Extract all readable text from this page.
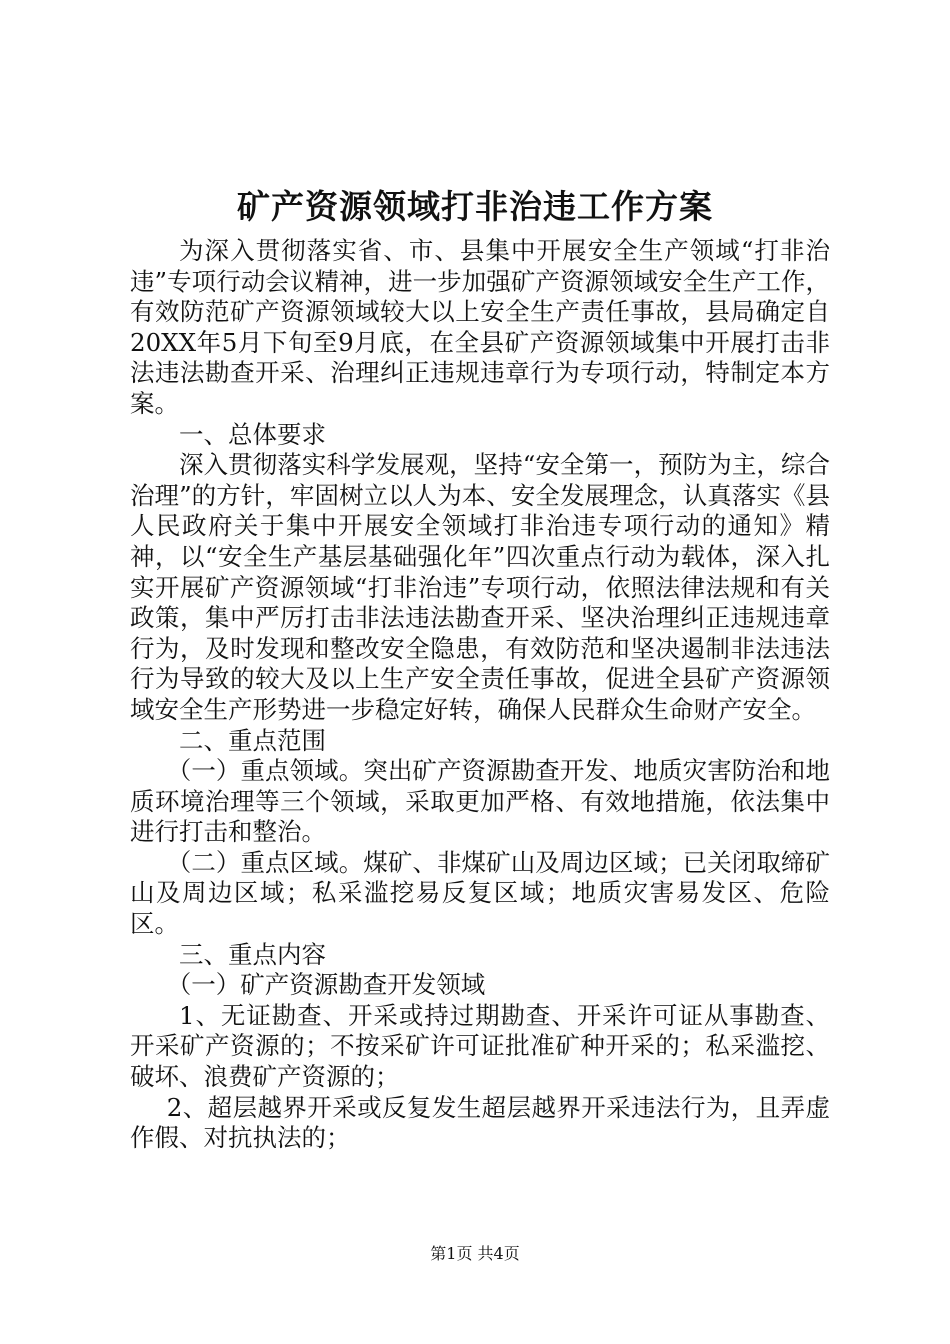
矿产资源领域打非治违工作方案

为深入贯彻落实省、市、县集中开展安全生产领域“打非治违”专项行动会议精神，进一步加强矿产资源领域安全生产工作，有效防范矿产资源领域较大以上安全生产责任事故，县局确定自20XX年5月下旬至9月底，在全县矿产资源领域集中开展打击非法违法勘查开采、治理纠正违规违章行为专项行动，特制定本方案。

一、总体要求

深入贯彻落实科学发展观，坚持“安全第一，预防为主，综合治理”的方针，牢固树立以人为本、安全发展理念，认真落实《县人民政府关于集中开展安全领域打非治违专项行动的通知》精神，以“安全生产基层基础强化年”四次重点行动为载体，深入扎实开展矿产资源领域“打非治违”专项行动，依照法律法规和有关政策，集中严厉打击非法违法勘查开采、坚决治理纠正违规违章行为，及时发现和整改安全隐患，有效防范和坚决遏制非法违法行为导致的较大及以上生产安全责任事故，促进全县矿产资源领域安全生产形势进一步稳定好转，确保人民群众生命财产安全。

二、重点范围

（一）重点领域。突出矿产资源勘查开发、地质灾害防治和地质环境治理等三个领域，采取更加严格、有效地措施，依法集中进行打击和整治。

（二）重点区域。煤矿、非煤矿山及周边区域；已关闭取缔矿山及周边区域；私采滥挖易反复区域；地质灾害易发区、危险区。

三、重点内容

（一）矿产资源勘查开发领域

1、无证勘查、开采或持过期勘查、开采许可证从事勘查、开采矿产资源的；不按采矿许可证批准矿种开采的；私采滥挖、破坏、浪费矿产资源的；

2、超层越界开采或反复发生超层越界开采违法行为，且弄虚作假、对抗执法的；

第1页 共4页
